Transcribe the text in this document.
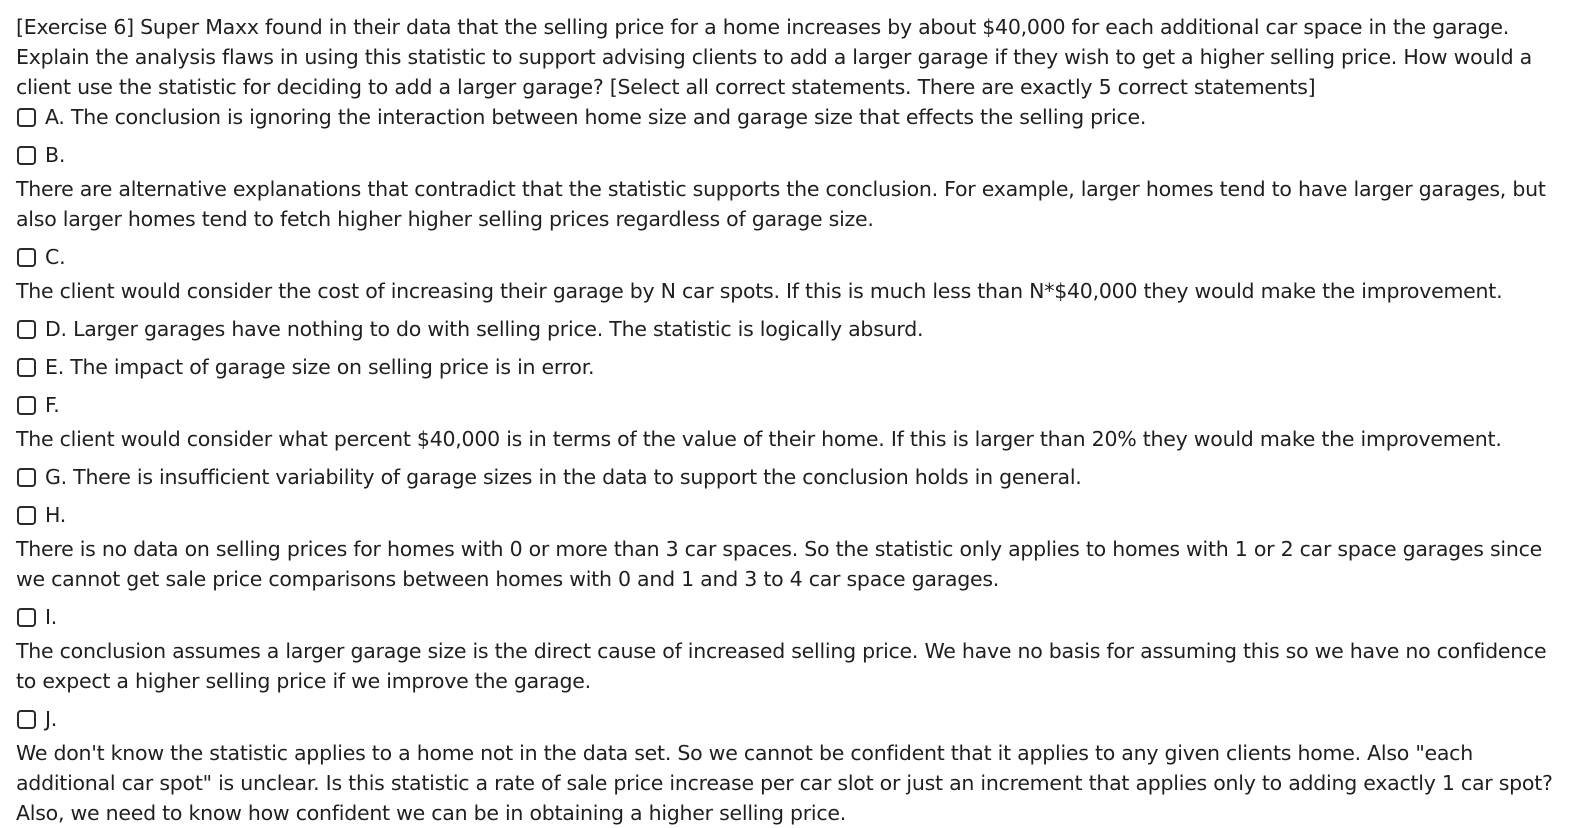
[Exercise 6] Super Maxx found in their data that the selling price for a home increases by about $40,000 for each additional car space in the garage. Explain the analysis flaws in using this statistic to support advising clients to add a larger garage if they wish to get a higher selling price. How would a client use the statistic for deciding to add a larger garage? [Select all correct statements. There are exactly 5 correct statements]

A. The conclusion is ignoring the interaction between home size and garage size that effects the selling price.
B.
There are alternative explanations that contradict that the statistic supports the conclusion. For example, larger homes tend to have larger garages, but also larger homes tend to fetch higher higher selling prices regardless of garage size.
C.
The client would consider the cost of increasing their garage by N car spots. If this is much less than N*$40,000 they would make the improvement.
D. Larger garages have nothing to do with selling price. The statistic is logically absurd.
E. The impact of garage size on selling price is in error.
F.
The client would consider what percent $40,000 is in terms of the value of their home. If this is larger than 20% they would make the improvement.
G. There is insufficient variability of garage sizes in the data to support the conclusion holds in general.
H.
There is no data on selling prices for homes with 0 or more than 3 car spaces. So the statistic only applies to homes with 1 or 2 car space garages since we cannot get sale price comparisons between homes with 0 and 1 and 3 to 4 car space garages.
I.
The conclusion assumes a larger garage size is the direct cause of increased selling price. We have no basis for assuming this so we have no confidence to expect a higher selling price if we improve the garage.
J.
We don't know the statistic applies to a home not in the data set. So we cannot be confident that it applies to any given clients home. Also "each additional car spot" is unclear. Is this statistic a rate of sale price increase per car slot or just an increment that applies only to adding exactly 1 car spot? Also, we need to know how confident we can be in obtaining a higher selling price.
